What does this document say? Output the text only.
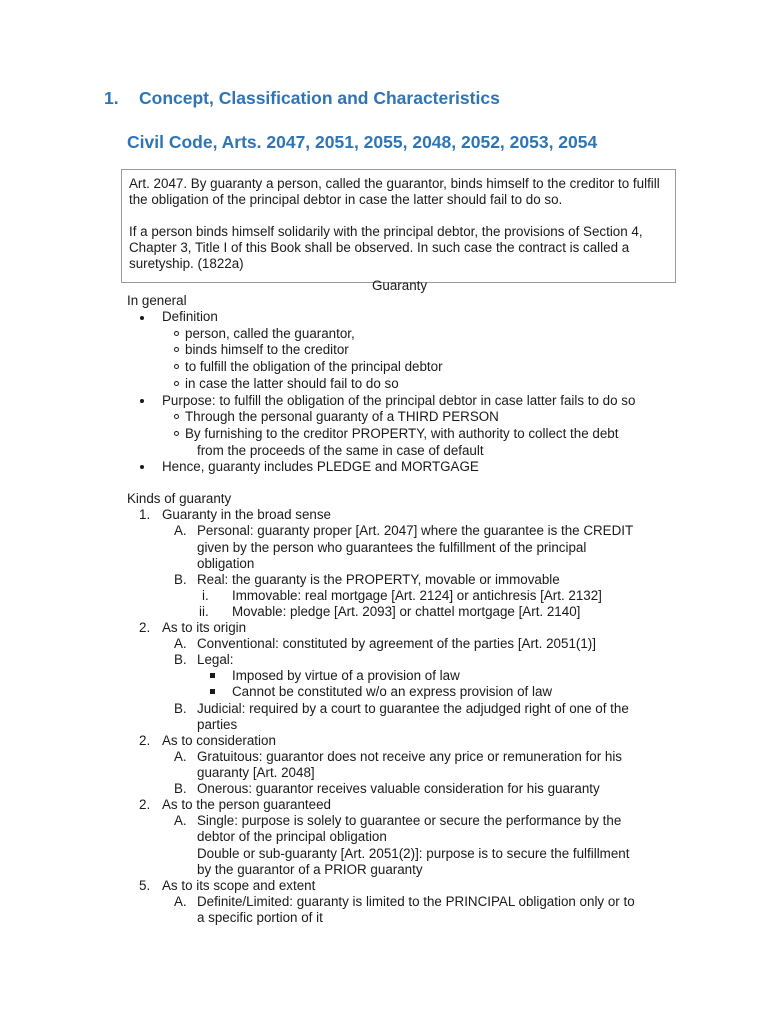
1. Concept, Classification and Characteristics
Civil Code, Arts. 2047, 2051, 2055, 2048, 2052, 2053, 2054

Art. 2047. By guaranty a person, called the guarantor, binds himself to the creditor to fulfill the obligation of the principal debtor in case the latter should fail to do so.

If a person binds himself solidarily with the principal debtor, the provisions of Section 4, Chapter 3, Title I of this Book shall be observed. In such case the contract is called a suretyship. (1822a)

Guaranty
In general
Definition
person, called the guarantor,
binds himself to the creditor
to fulfill the obligation of the principal debtor
in case the latter should fail to do so
Purpose: to fulfill the obligation of the principal debtor in case latter fails to do so
Through the personal guaranty of a THIRD PERSON
By furnishing to the creditor PROPERTY, with authority to collect the debt
from the proceeds of the same in case of default
Hence, guaranty includes PLEDGE and MORTGAGE
Kinds of guaranty
1. Guaranty in the broad sense
A. Personal: guaranty proper [Art. 2047] where the guarantee is the CREDIT
given by the person who guarantees the fulfillment of the principal
obligation
B. Real: the guaranty is the PROPERTY, movable or immovable
i. Immovable: real mortgage [Art. 2124] or antichresis [Art. 2132]
ii. Movable: pledge [Art. 2093] or chattel mortgage [Art. 2140]
2. As to its origin
A. Conventional: constituted by agreement of the parties [Art. 2051(1)]
B. Legal:
Imposed by virtue of a provision of law
Cannot be constituted w/o an express provision of law
B. Judicial: required by a court to guarantee the adjudged right of one of the
parties
2. As to consideration
A. Gratuitous: guarantor does not receive any price or remuneration for his
guaranty [Art. 2048]
B. Onerous: guarantor receives valuable consideration for his guaranty
2. As to the person guaranteed
A. Single: purpose is solely to guarantee or secure the performance by the
debtor of the principal obligation
Double or sub-guaranty [Art. 2051(2)]: purpose is to secure the fulfillment
by the guarantor of a PRIOR guaranty
5. As to its scope and extent
A. Definite/Limited: guaranty is limited to the PRINCIPAL obligation only or to
a specific portion of it
